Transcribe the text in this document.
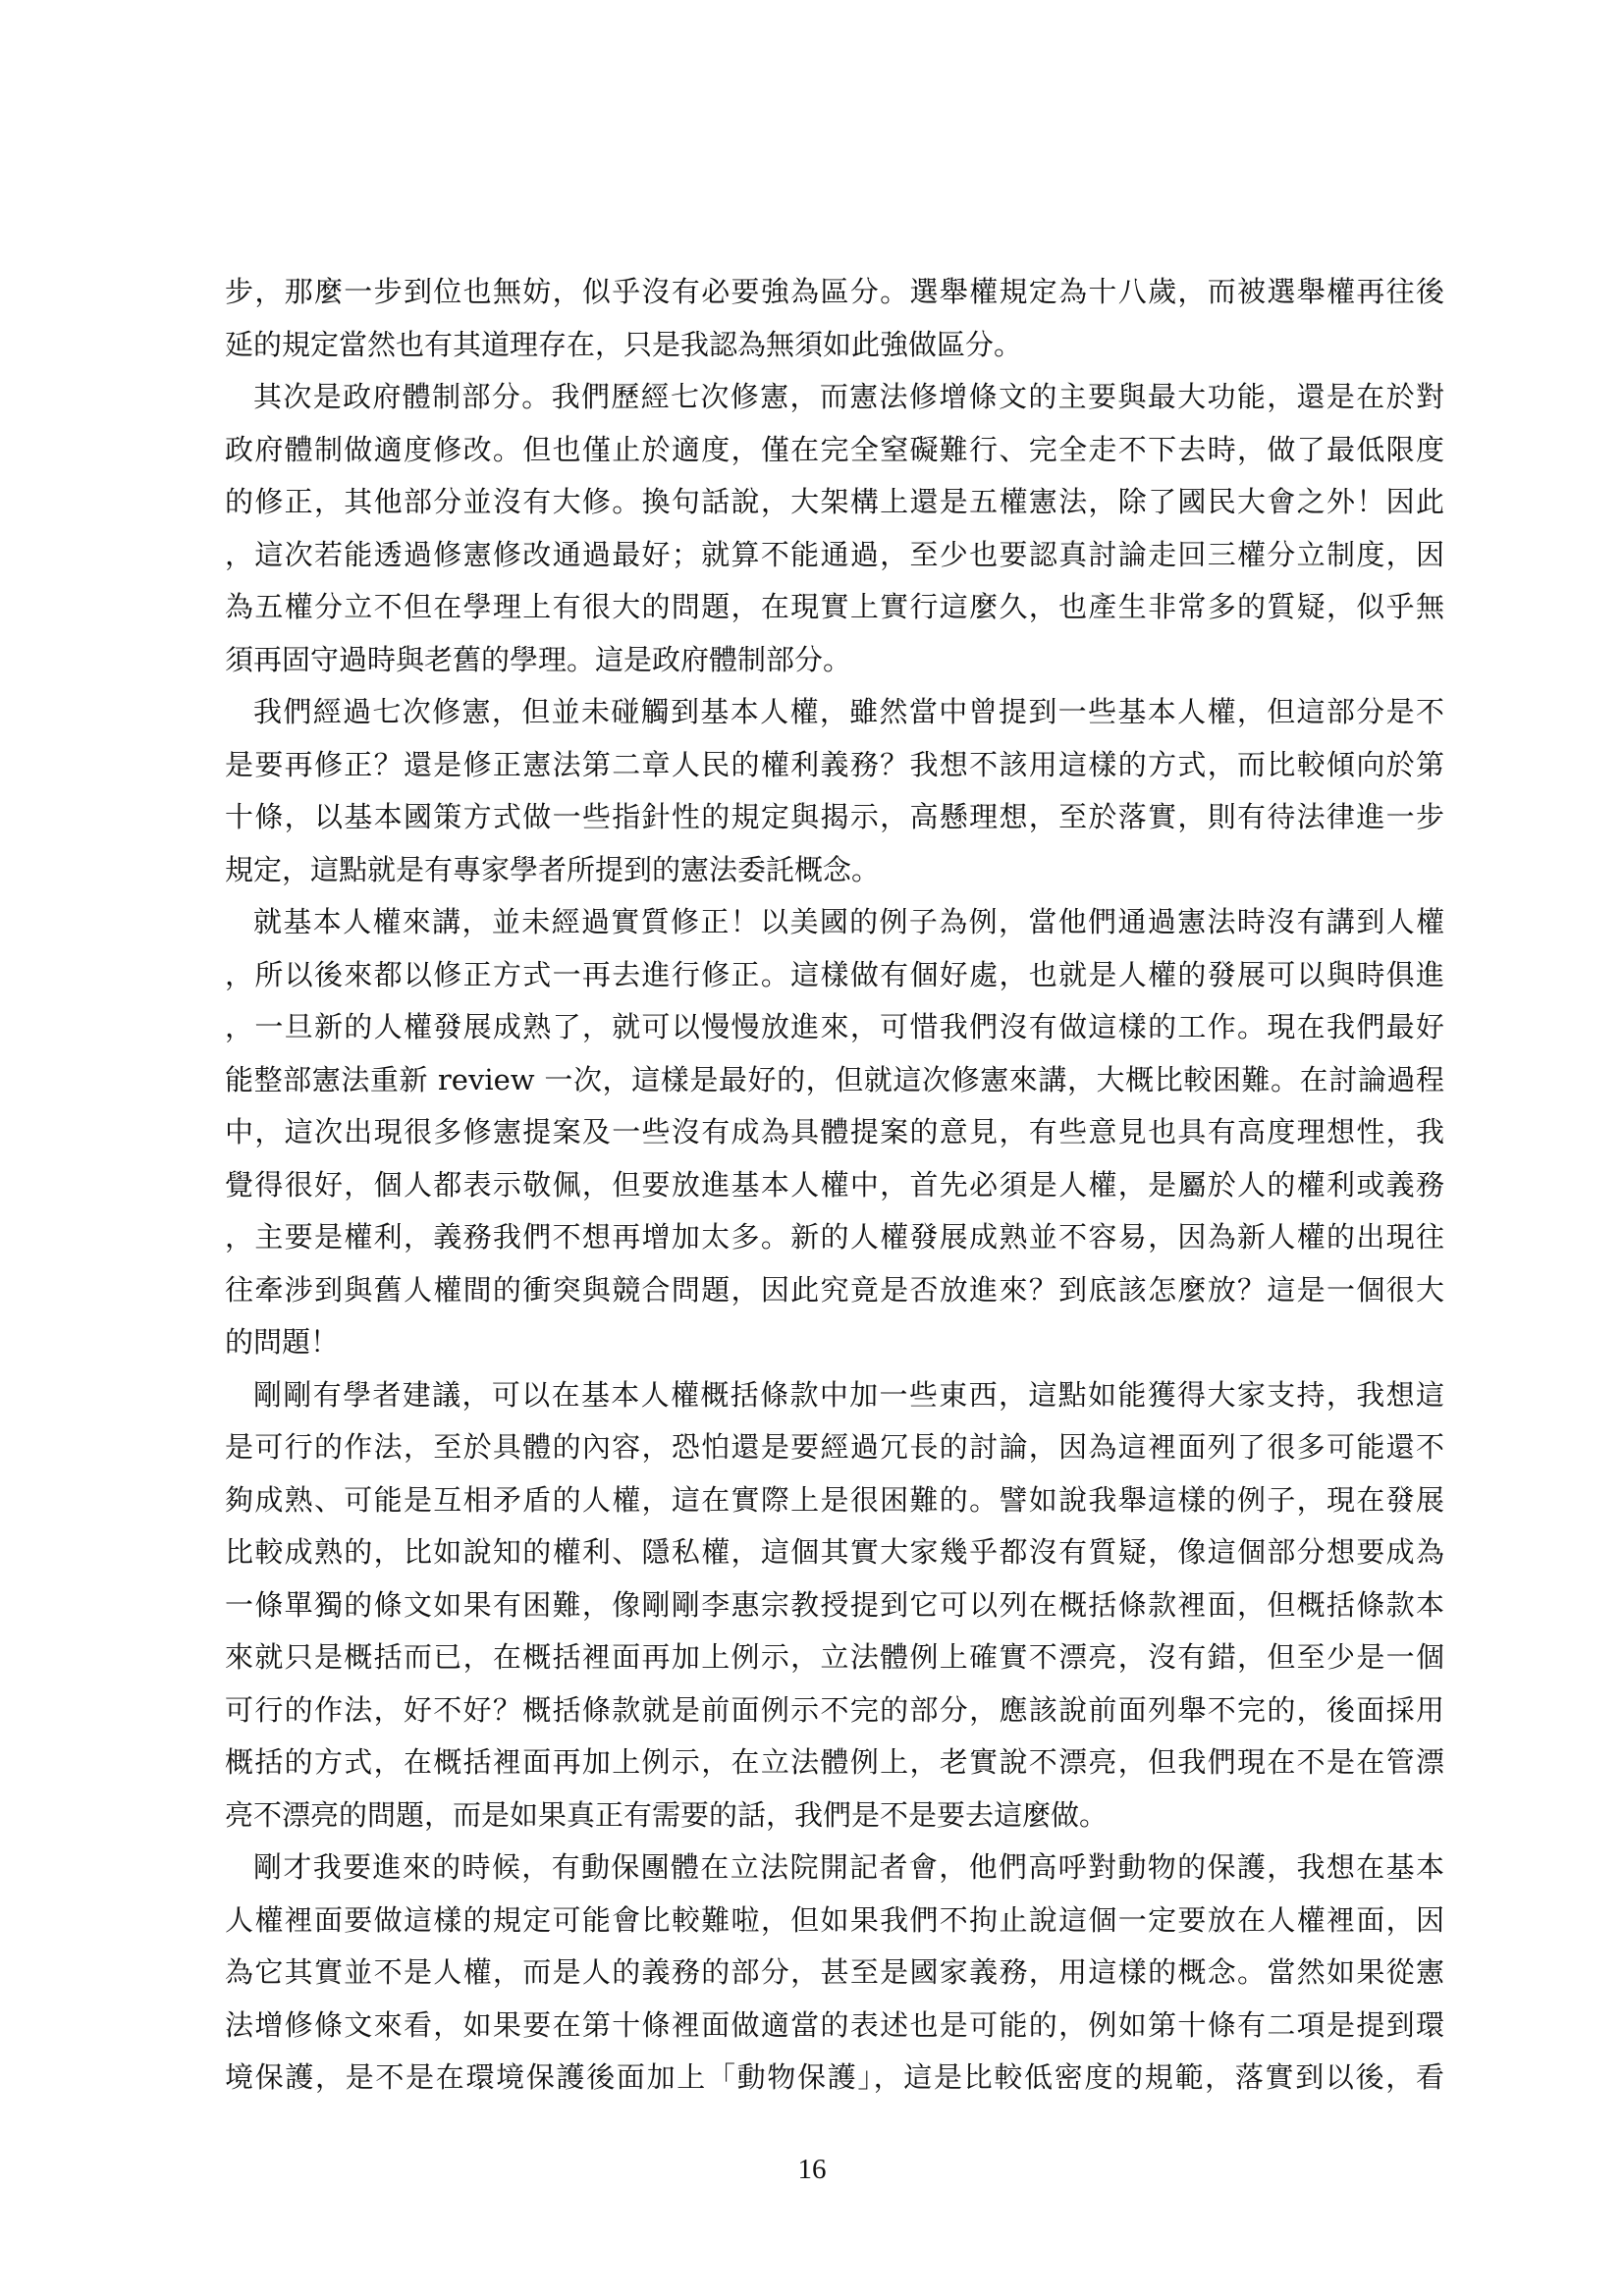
步，那麼一步到位也無妨，似乎沒有必要強為區分。選舉權規定為十八歲，而被選舉權再往後
延的規定當然也有其道理存在，只是我認為無須如此強做區分。
其次是政府體制部分。我們歷經七次修憲，而憲法修增條文的主要與最大功能，還是在於對
政府體制做適度修改。但也僅止於適度，僅在完全窒礙難行、完全走不下去時，做了最低限度
的修正，其他部分並沒有大修。換句話說，大架構上還是五權憲法，除了國民大會之外！因此
，這次若能透過修憲修改通過最好；就算不能通過，至少也要認真討論走回三權分立制度，因
為五權分立不但在學理上有很大的問題，在現實上實行這麼久，也產生非常多的質疑，似乎無
須再固守過時與老舊的學理。這是政府體制部分。
我們經過七次修憲，但並未碰觸到基本人權，雖然當中曾提到一些基本人權，但這部分是不
是要再修正？還是修正憲法第二章人民的權利義務？我想不該用這樣的方式，而比較傾向於第
十條，以基本國策方式做一些指針性的規定與揭示，高懸理想，至於落實，則有待法律進一步
規定，這點就是有專家學者所提到的憲法委託概念。
就基本人權來講，並未經過實質修正！以美國的例子為例，當他們通過憲法時沒有講到人權
，所以後來都以修正方式一再去進行修正。這樣做有個好處，也就是人權的發展可以與時俱進
，一旦新的人權發展成熟了，就可以慢慢放進來，可惜我們沒有做這樣的工作。現在我們最好
能整部憲法重新 review 一次，這樣是最好的，但就這次修憲來講，大概比較困難。在討論過程
中，這次出現很多修憲提案及一些沒有成為具體提案的意見，有些意見也具有高度理想性，我
覺得很好，個人都表示敬佩，但要放進基本人權中，首先必須是人權，是屬於人的權利或義務
，主要是權利，義務我們不想再增加太多。新的人權發展成熟並不容易，因為新人權的出現往
往牽涉到與舊人權間的衝突與競合問題，因此究竟是否放進來？到底該怎麼放？這是一個很大
的問題！
剛剛有學者建議，可以在基本人權概括條款中加一些東西，這點如能獲得大家支持，我想這
是可行的作法，至於具體的內容，恐怕還是要經過冗長的討論，因為這裡面列了很多可能還不
夠成熟、可能是互相矛盾的人權，這在實際上是很困難的。譬如說我舉這樣的例子，現在發展
比較成熟的，比如說知的權利、隱私權，這個其實大家幾乎都沒有質疑，像這個部分想要成為
一條單獨的條文如果有困難，像剛剛李惠宗教授提到它可以列在概括條款裡面，但概括條款本
來就只是概括而已，在概括裡面再加上例示，立法體例上確實不漂亮，沒有錯，但至少是一個
可行的作法，好不好？概括條款就是前面例示不完的部分，應該說前面列舉不完的，後面採用
概括的方式，在概括裡面再加上例示，在立法體例上，老實說不漂亮，但我們現在不是在管漂
亮不漂亮的問題，而是如果真正有需要的話，我們是不是要去這麼做。
剛才我要進來的時候，有動保團體在立法院開記者會，他們高呼對動物的保護，我想在基本
人權裡面要做這樣的規定可能會比較難啦，但如果我們不拘止說這個一定要放在人權裡面，因
為它其實並不是人權，而是人的義務的部分，甚至是國家義務，用這樣的概念。當然如果從憲
法增修條文來看，如果要在第十條裡面做適當的表述也是可能的，例如第十條有二項是提到環
境保護，是不是在環境保護後面加上「動物保護」，這是比較低密度的規範，落實到以後，看
16
